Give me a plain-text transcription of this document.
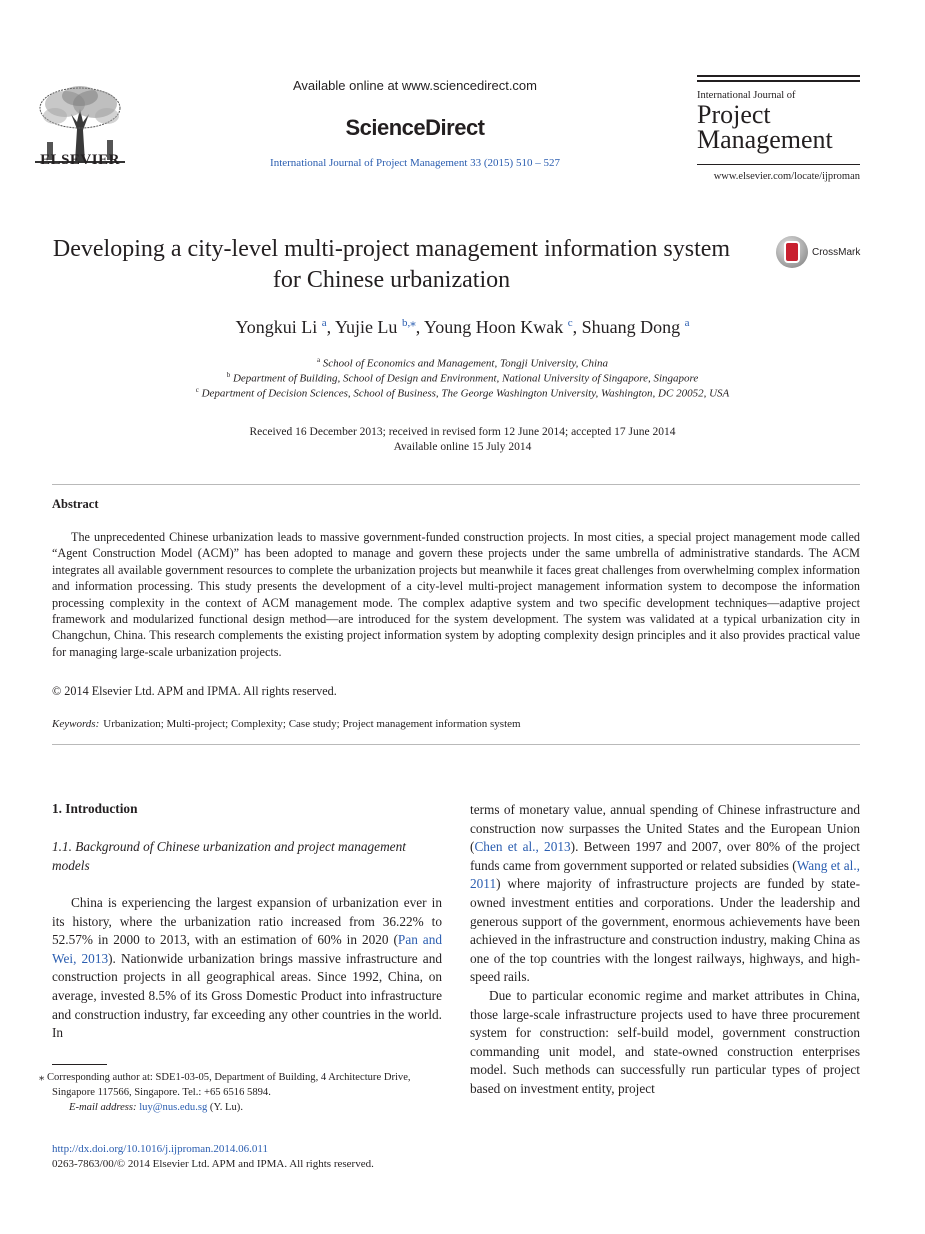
ELSEVIER
Available online at www.sciencedirect.com
ScienceDirect
International Journal of Project Management 33 (2015) 510 – 527
International Journal of
Project
Management
www.elsevier.com/locate/ijproman
Developing a city-level multi-project management information system for Chinese urbanization
CrossMark
Yongkui Li $^a$, Yujie Lu $^{b,⁎}$, Young Hoon Kwak $^c$, Shuang Dong $^a$
$^a$ School of Economics and Management, Tongji University, China
$^b$ Department of Building, School of Design and Environment, National University of Singapore, Singapore
$^c$ Department of Decision Sciences, School of Business, The George Washington University, Washington, DC 20052, USA
Received 16 December 2013; received in revised form 12 June 2014; accepted 17 June 2014
Available online 15 July 2014
Abstract
The unprecedented Chinese urbanization leads to massive government-funded construction projects. In most cities, a special project management mode called “Agent Construction Model (ACM)” has been adopted to manage and govern these projects under the same umbrella of administrative standards. The ACM integrates all available government resources to complete the urbanization projects but meanwhile it faces great challenges from overwhelming complex information and information processing. This study presents the development of a city-level multi-project management information system to decompose the information processing complexity in the context of ACM management mode. The complex adaptive system and two specific development techniques—adaptive project framework and modularized functional design method—are introduced for the system development. The system was validated at a typical urbanization city in Changchun, China. This research complements the existing project information system by adopting complexity design principles and it also provides practical value for managing large-scale urbanization projects.
© 2014 Elsevier Ltd. APM and IPMA. All rights reserved.
Keywords: Urbanization; Multi-project; Complexity; Case study; Project management information system
1. Introduction
1.1. Background of Chinese urbanization and project management models

China is experiencing the largest expansion of urbanization ever in its history, where the urbanization ratio increased from 36.22% to 52.57% in 2000 to 2013, with an estimation of 60% in 2020 (Pan and Wei, 2013). Nationwide urbanization brings massive infrastructure and construction projects in all geographical areas. Since 1992, China, on average, invested 8.5% of its Gross Domestic Product into infrastructure and construction industry, far exceeding any other countries in the world. In

terms of monetary value, annual spending of Chinese infrastructure and construction now surpasses the United States and the European Union (Chen et al., 2013). Between 1997 and 2007, over 80% of the project funds came from government supported or related subsidies (Wang et al., 2011) where majority of infrastructure projects are funded by state-owned investment entities and corporations. Under the leadership and generous support of the government, enormous achievements have been achieved in the infrastructure and construction industry, making China as one of the top countries with the longest railways, highways, and high-speed rails.

Due to particular economic regime and market attributes in China, those large-scale infrastructure projects used to have three procurement system for construction: self-build model, government construction commanding unit model, and state-owned construction enterprises model. Such methods can successfully run particular types of project based on investment entity, project

⁎ Corresponding author at: SDE1-03-05, Department of Building, 4 Architecture Drive, Singapore 117566, Singapore. Tel.: +65 6516 5894.
E-mail address: luy@nus.edu.sg (Y. Lu).
http://dx.doi.org/10.1016/j.ijproman.2014.06.011
0263-7863/00/© 2014 Elsevier Ltd. APM and IPMA. All rights reserved.
